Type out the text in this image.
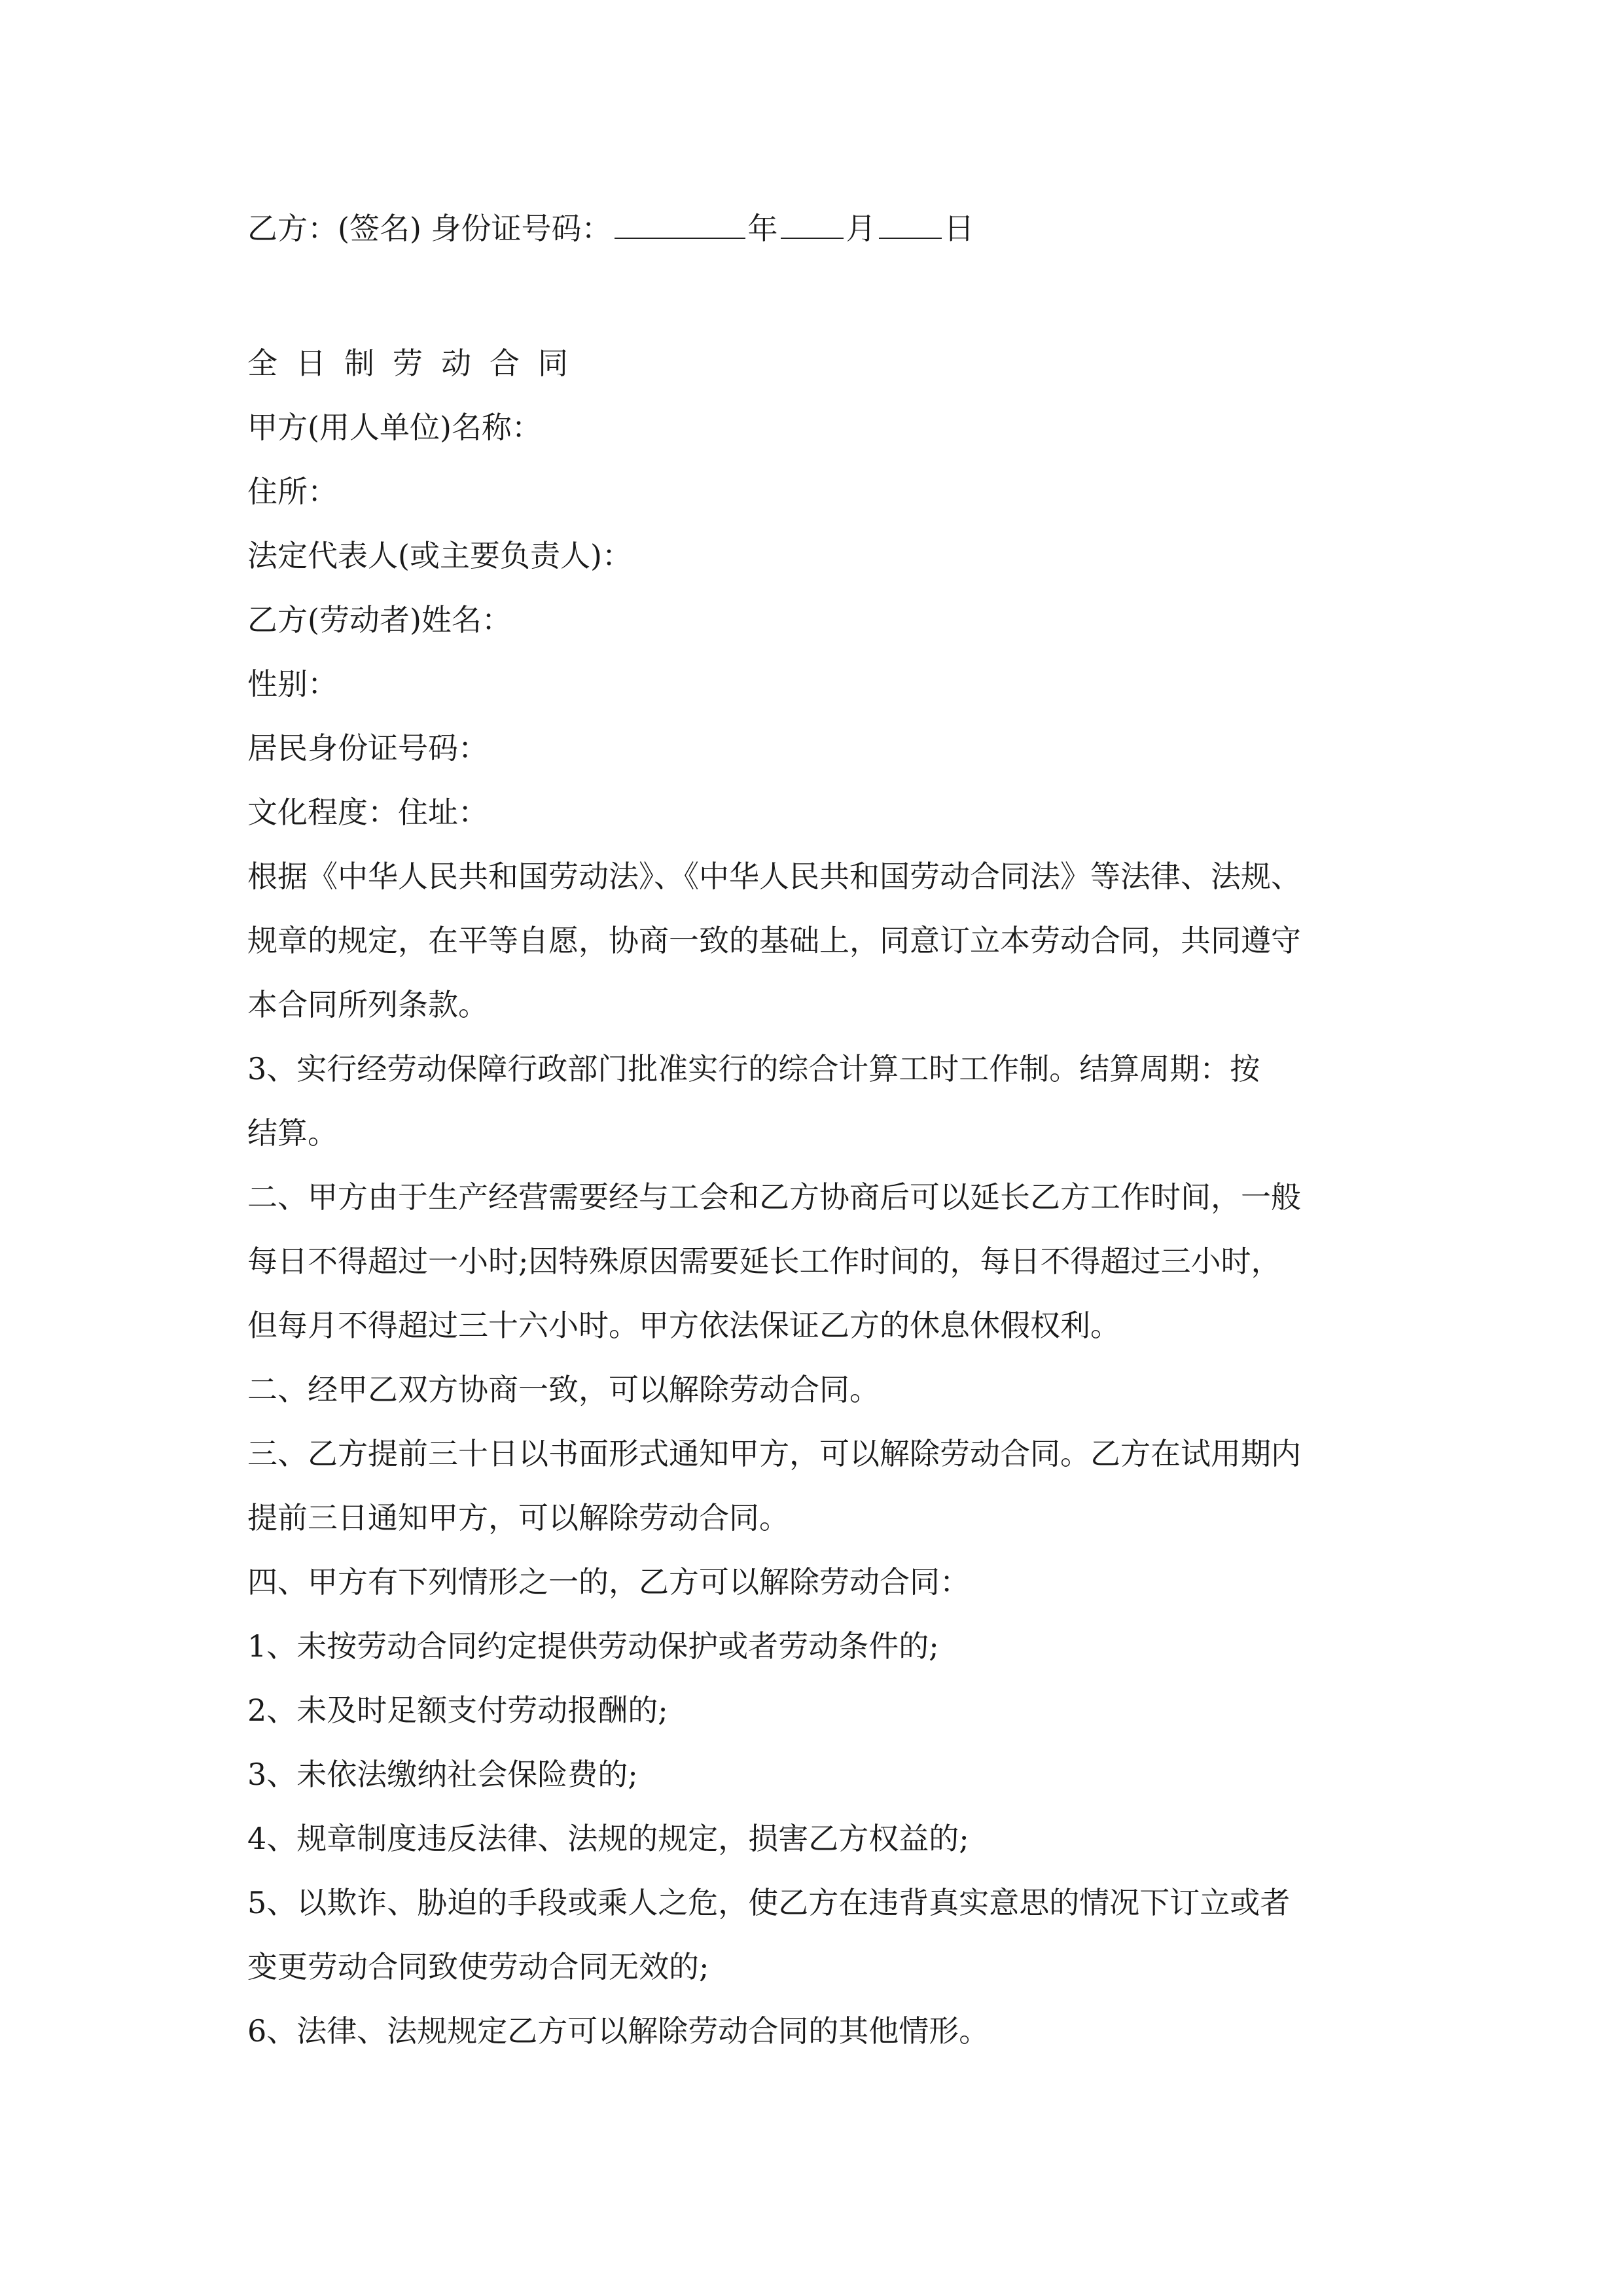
乙方：(签名) 身份证号码：	年 月 日
全日制劳动合同
甲方(用人单位)名称：
住所：
法定代表人(或主要负责人)：
乙方(劳动者)姓名：
性别：
居民身份证号码：
文化程度：住址：
根据《中华人民共和国劳动法》、《中华人民共和国劳动合同法》等法律、法规、
规章的规定，在平等自愿，协商一致的基础上，同意订立本劳动合同，共同遵守
本合同所列条款。
3、实行经劳动保障行政部门批准实行的综合计算工时工作制。结算周期：按
结算。
二、甲方由于生产经营需要经与工会和乙方协商后可以延长乙方工作时间，一般
每日不得超过一小时;因特殊原因需要延长工作时间的，每日不得超过三小时，
但每月不得超过三十六小时。甲方依法保证乙方的休息休假权利。
二、经甲乙双方协商一致，可以解除劳动合同。
三、乙方提前三十日以书面形式通知甲方，可以解除劳动合同。乙方在试用期内
提前三日通知甲方，可以解除劳动合同。
四、甲方有下列情形之一的，乙方可以解除劳动合同：
1、未按劳动合同约定提供劳动保护或者劳动条件的;
2、未及时足额支付劳动报酬的;
3、未依法缴纳社会保险费的;
4、规章制度违反法律、法规的规定，损害乙方权益的;
5、以欺诈、胁迫的手段或乘人之危，使乙方在违背真实意思的情况下订立或者
变更劳动合同致使劳动合同无效的;
6、法律、法规规定乙方可以解除劳动合同的其他情形。
